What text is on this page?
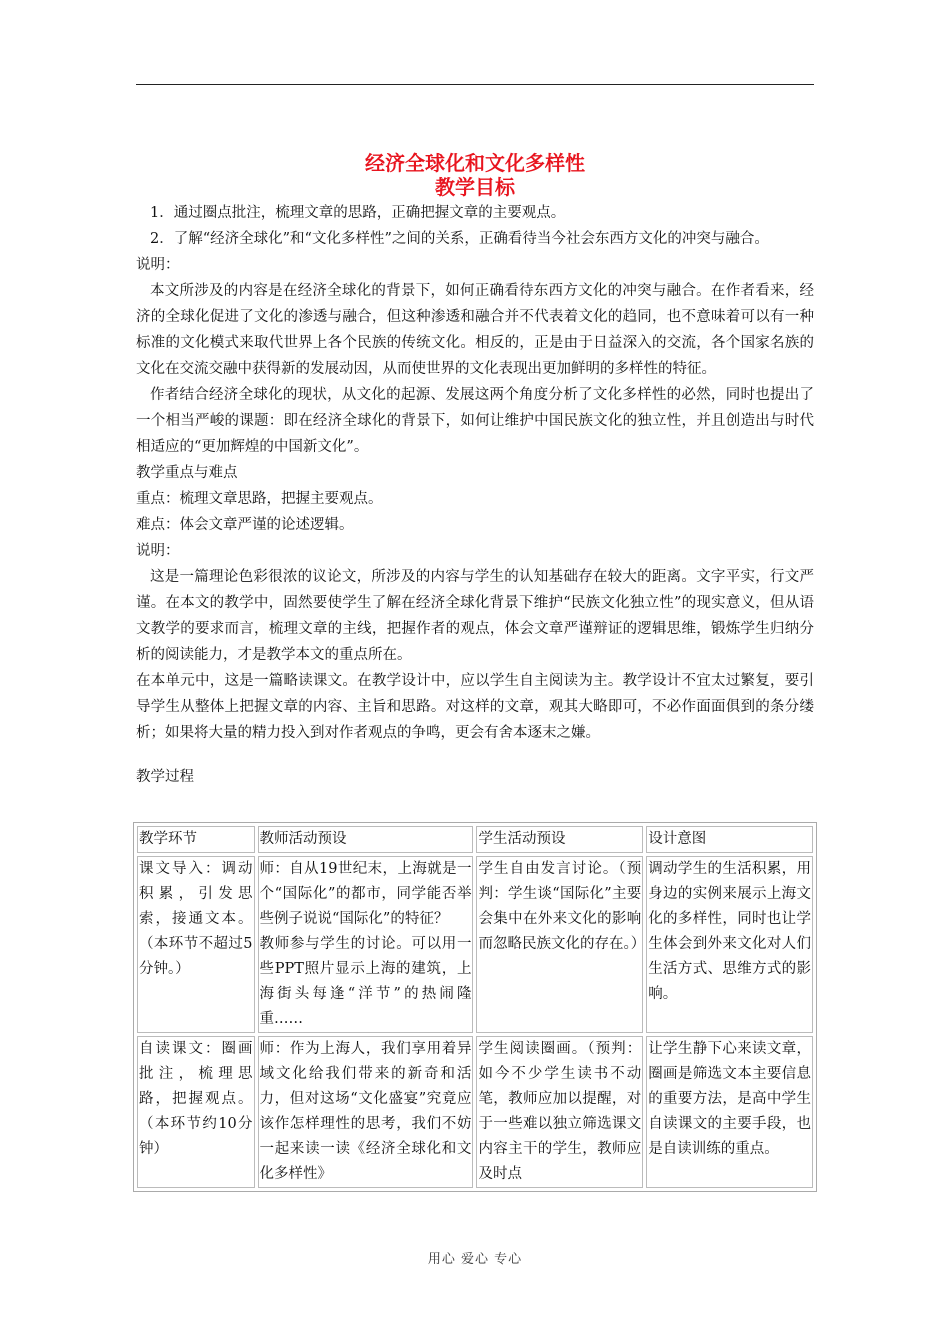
经济全球化和文化多样性
教学目标

1．通过圈点批注，梳理文章的思路，正确把握文章的主要观点。

2．了解“经济全球化”和“文化多样性”之间的关系，正确看待当今社会东西方文化的冲突与融合。

说明：

本文所涉及的内容是在经济全球化的背景下，如何正确看待东西方文化的冲突与融合。在作者看来，经济的全球化促进了文化的渗透与融合，但这种渗透和融合并不代表着文化的趋同，也不意味着可以有一种标准的文化模式来取代世界上各个民族的传统文化。相反的，正是由于日益深入的交流，各个国家名族的文化在交流交融中获得新的发展动因，从而使世界的文化表现出更加鲜明的多样性的特征。

作者结合经济全球化的现状，从文化的起源、发展这两个角度分析了文化多样性的必然，同时也提出了一个相当严峻的课题：即在经济全球化的背景下，如何让维护中国民族文化的独立性，并且创造出与时代相适应的“更加辉煌的中国新文化”。

教学重点与难点

重点：梳理文章思路，把握主要观点。

难点：体会文章严谨的论述逻辑。

说明：

这是一篇理论色彩很浓的议论文，所涉及的内容与学生的认知基础存在较大的距离。文字平实，行文严谨。在本文的教学中，固然要使学生了解在经济全球化背景下维护“民族文化独立性”的现实意义，但从语文教学的要求而言，梳理文章的主线，把握作者的观点，体会文章严谨辩证的逻辑思维，锻炼学生归纳分析的阅读能力，才是教学本文的重点所在。

在本单元中，这是一篇略读课文。在教学设计中，应以学生自主阅读为主。教学设计不宜太过繁复，要引导学生从整体上把握文章的内容、主旨和思路。对这样的文章，观其大略即可，不必作面面俱到的条分缕析；如果将大量的精力投入到对作者观点的争鸣，更会有舍本逐末之嫌。

教学过程

教学环节	教师活动预设	学生活动预设	设计意图
课文导入：调动积累，引发思索，接通文本。（本环节不超过5分钟。）	师：自从19世纪末，上海就是一个“国际化”的都市，同学能否举些例子说说“国际化”的特征？
教师参与学生的讨论。可以用一些PPT照片显示上海的建筑，上海街头每逢“洋节”的热闹隆重……	学生自由发言讨论。（预判：学生谈“国际化”主要会集中在外来文化的影响而忽略民族文化的存在。）	调动学生的生活积累，用身边的实例来展示上海文化的多样性，同时也让学生体会到外来文化对人们生活方式、思维方式的影响。
自读课文：圈画批注，梳理思路，把握观点。（本环节约10分钟）	师：作为上海人，我们享用着异域文化给我们带来的新奇和活力，但对这场“文化盛宴”究竟应该作怎样理性的思考，我们不妨一起来读一读《经济全球化和文化多样性》	学生阅读圈画。（预判：如今不少学生读书不动笔，教师应加以提醒，对于一些难以独立筛选课文内容主干的学生，教师应及时点	让学生静下心来读文章，圈画是筛选文本主要信息的重要方法，是高中学生自读课文的主要手段，也是自读训练的重点。
用心 爱心 专心
